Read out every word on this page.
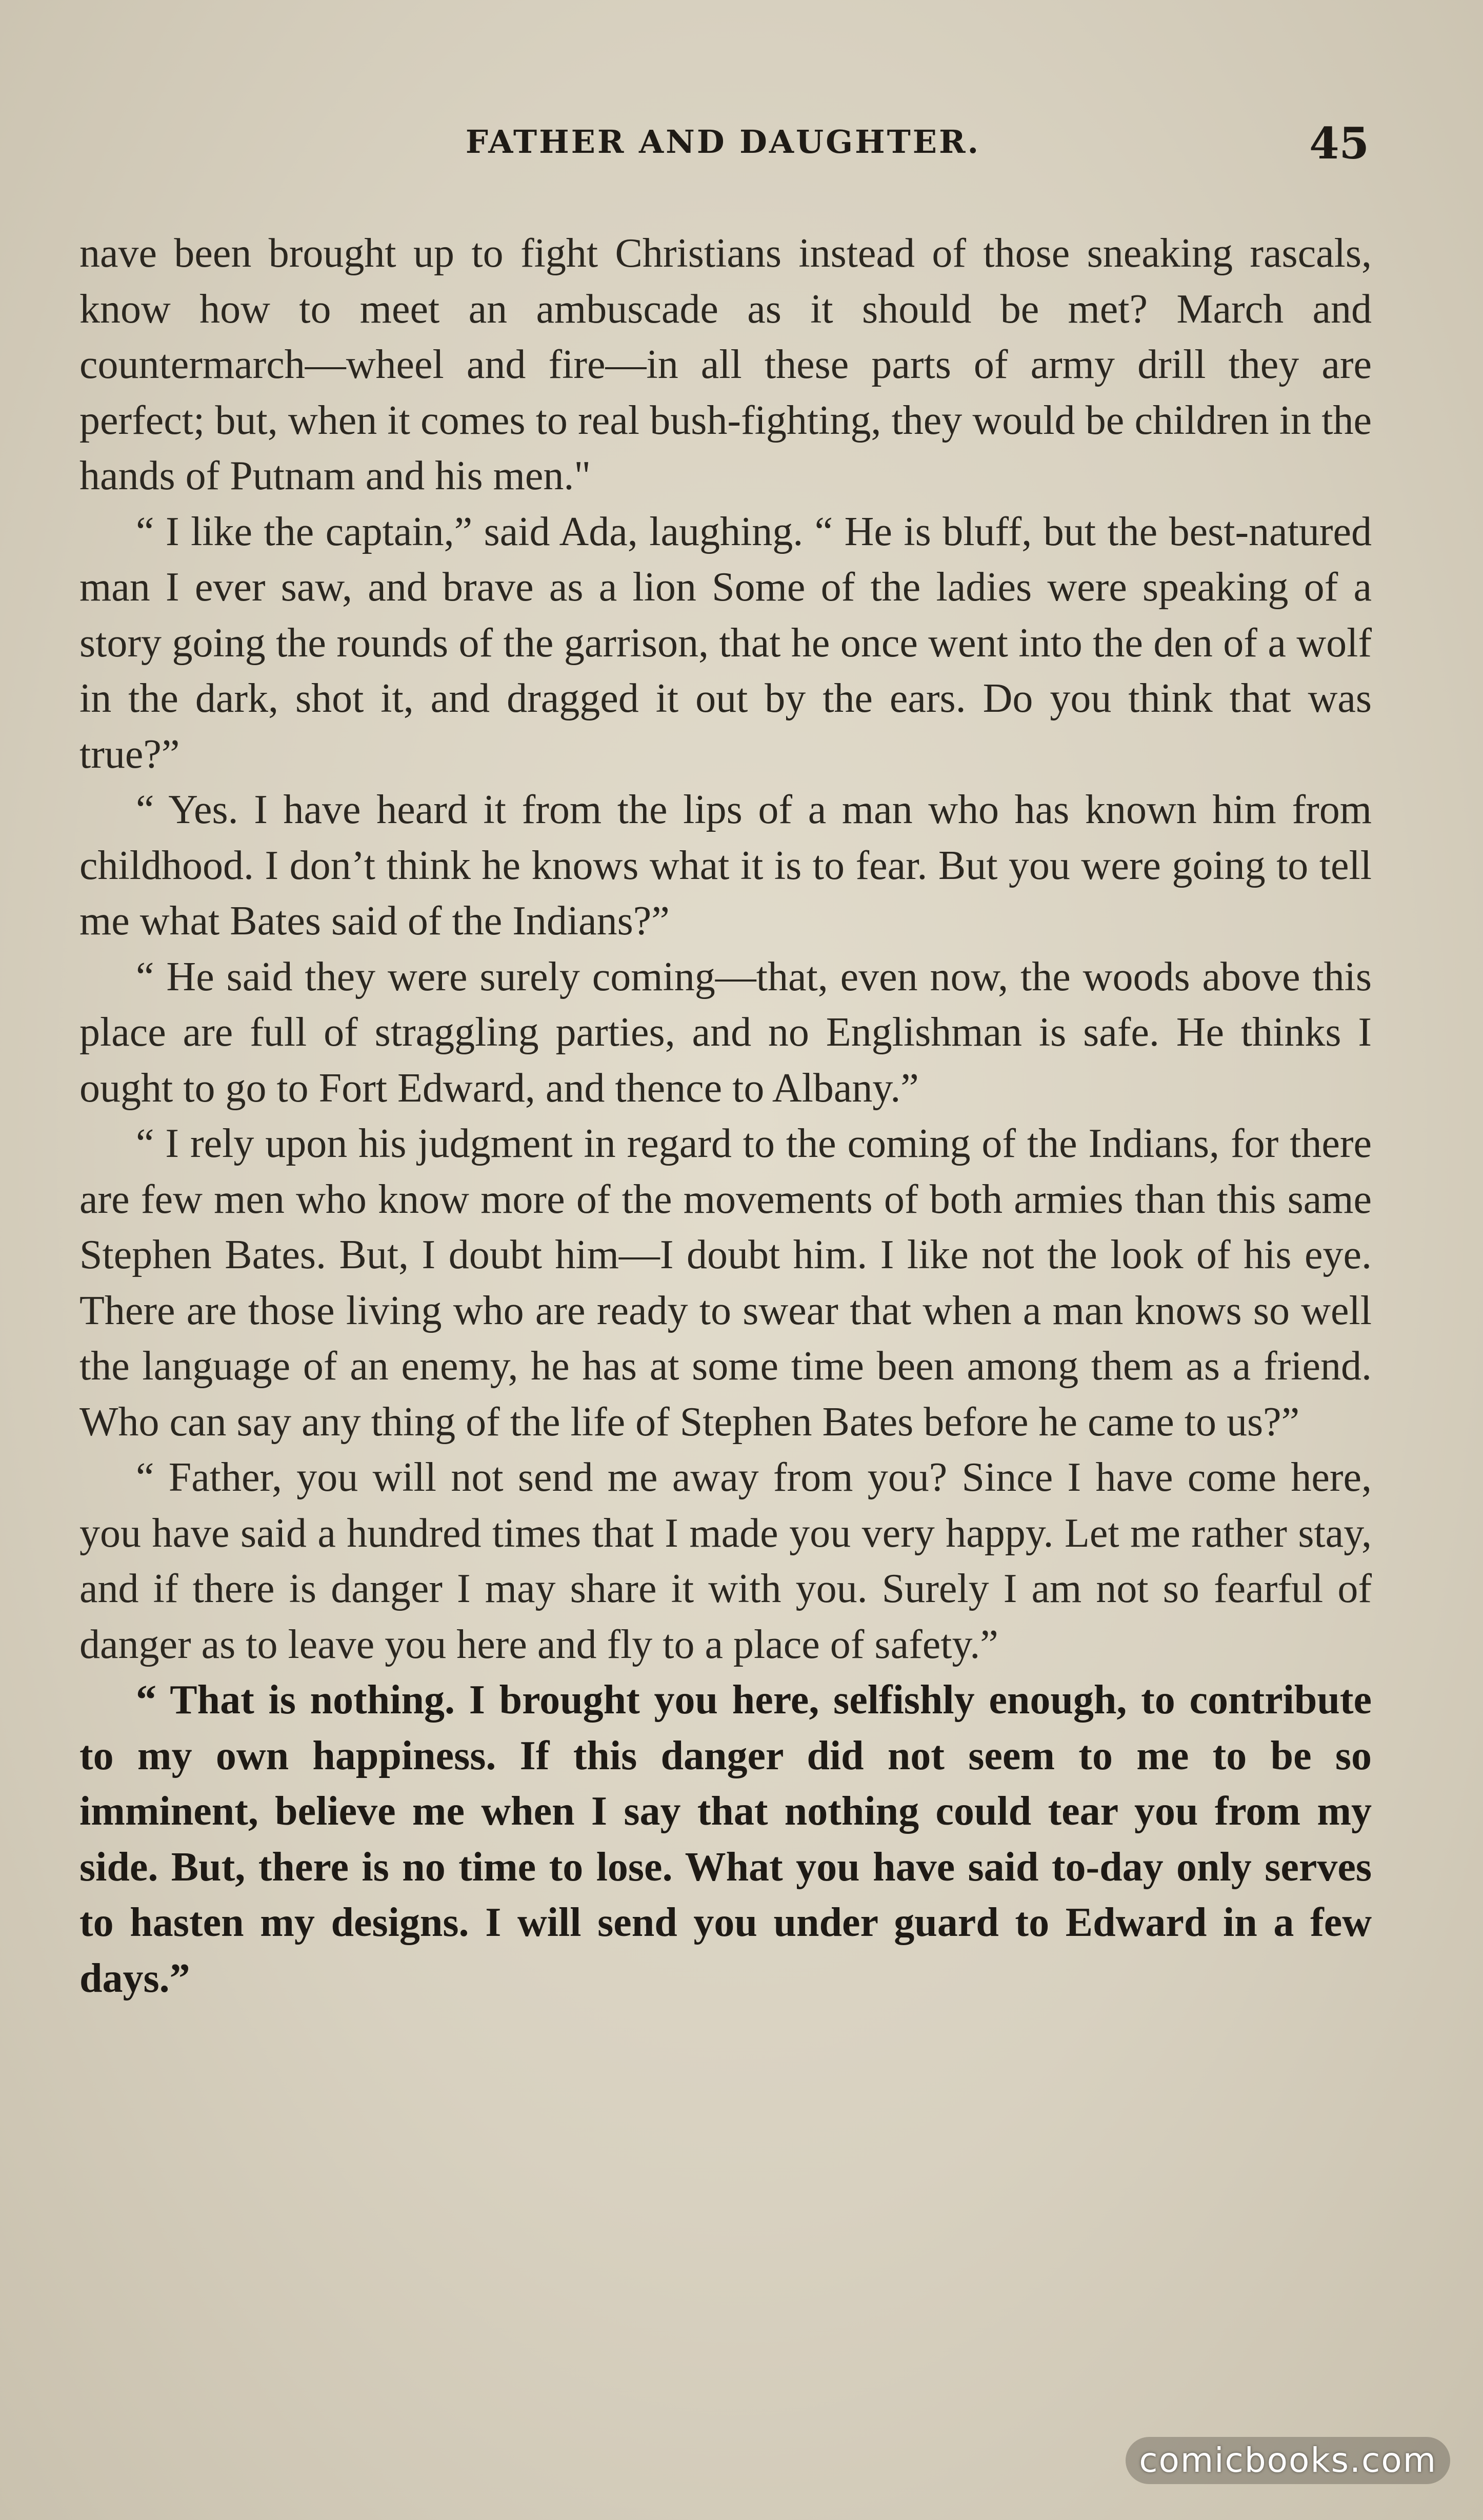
FATHER AND DAUGHTER.	45

nave been brought up to fight Christians instead of those sneaking rascals, know how to meet an ambuscade as it should be met? March and countermarch—wheel and fire—in all these parts of army drill they are perfect; but, when it comes to real bush-fighting, they would be children in the hands of Putnam and his men."

“ I like the captain,” said Ada, laughing. “ He is bluff, but the best-natured man I ever saw, and brave as a lion Some of the ladies were speaking of a story going the rounds of the garrison, that he once went into the den of a wolf in the dark, shot it, and dragged it out by the ears. Do you think that was true?”

“ Yes. I have heard it from the lips of a man who has known him from childhood. I don’t think he knows what it is to fear. But you were going to tell me what Bates said of the Indians?”

“ He said they were surely coming—that, even now, the woods above this place are full of straggling parties, and no Englishman is safe. He thinks I ought to go to Fort Edward, and thence to Albany.”

“ I rely upon his judgment in regard to the coming of the Indians, for there are few men who know more of the movements of both armies than this same Stephen Bates. But, I doubt him—I doubt him. I like not the look of his eye. There are those living who are ready to swear that when a man knows so well the language of an enemy, he has at some time been among them as a friend. Who can say any thing of the life of Stephen Bates before he came to us?”

“ Father, you will not send me away from you? Since I have come here, you have said a hundred times that I made you very happy. Let me rather stay, and if there is danger I may share it with you. Surely I am not so fearful of danger as to leave you here and fly to a place of safety.”

“ That is nothing. I brought you here, selfishly enough, to contribute to my own happiness. If this danger did not seem to me to be so imminent, believe me when I say that nothing could tear you from my side. But, there is no time to lose. What you have said to-day only serves to hasten my designs. I will send you under guard to Edward in a few days.”

comicbooks.com
